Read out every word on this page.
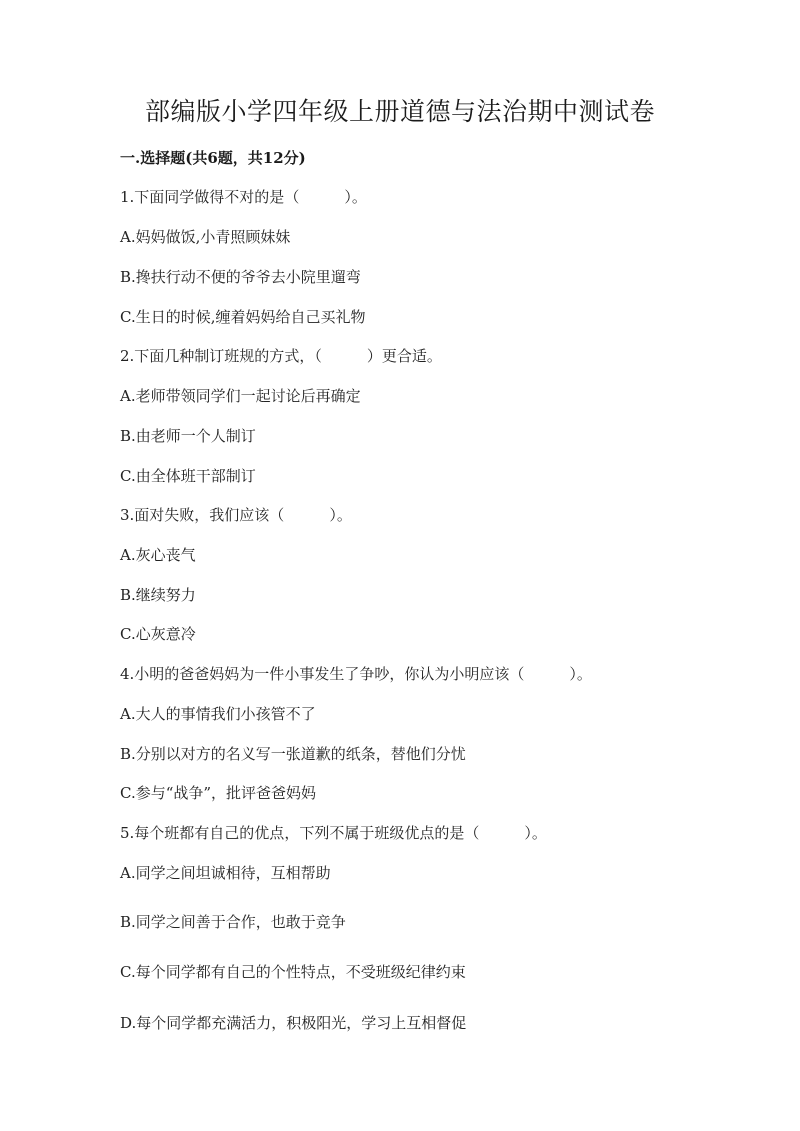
部编版小学四年级上册道德与法治期中测试卷
一.选择题(共6题，共12分)
1.下面同学做得不对的是（　　　）。
A.妈妈做饭,小青照顾妹妹
B.搀扶行动不便的爷爷去小院里遛弯
C.生日的时候,缠着妈妈给自己买礼物
2.下面几种制订班规的方式，（　　　）更合适。
A.老师带领同学们一起讨论后再确定
B.由老师一个人制订
C.由全体班干部制订
3.面对失败，我们应该（　　　）。
A.灰心丧气
B.继续努力
C.心灰意冷
4.小明的爸爸妈妈为一件小事发生了争吵，你认为小明应该（　　　）。
A.大人的事情我们小孩管不了
B.分别以对方的名义写一张道歉的纸条，替他们分忧
C.参与“战争”，批评爸爸妈妈
5.每个班都有自己的优点，下列不属于班级优点的是（　　　）。
A.同学之间坦诚相待，互相帮助
B.同学之间善于合作，也敢于竞争
C.每个同学都有自己的个性特点，不受班级纪律约束
D.每个同学都充满活力，积极阳光，学习上互相督促
